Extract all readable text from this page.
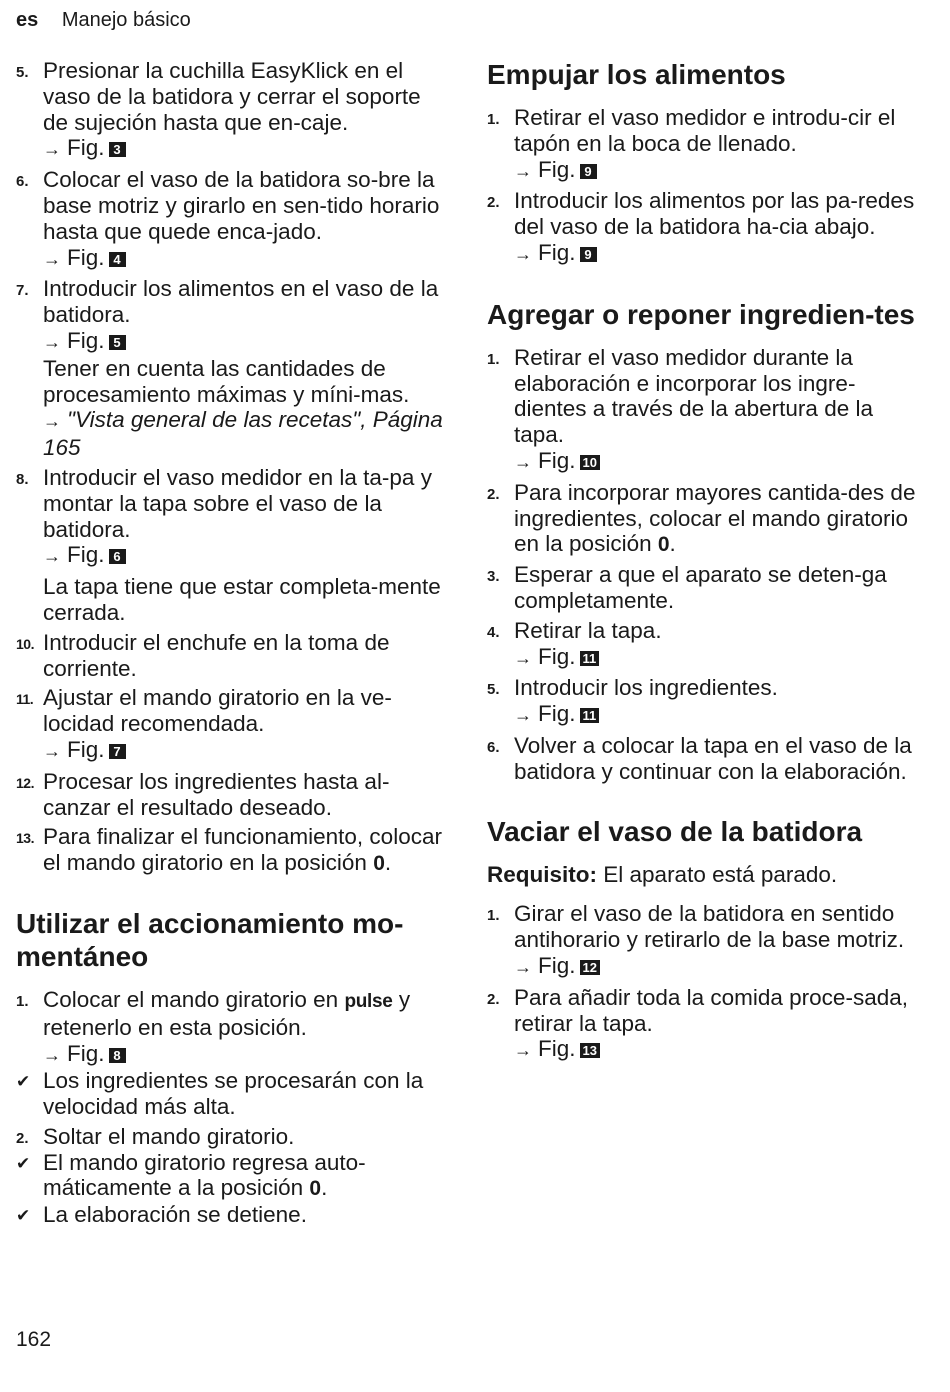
es Manejo básico
5. Presionar la cuchilla EasyKlick en el vaso de la batidora y cerrar el soporte de sujeción hasta que en-caje.
→ Fig. 3
6. Colocar el vaso de la batidora so-bre la base motriz y girarlo en sen-tido horario hasta que quede enca-jado.
→ Fig. 4
7. Introducir los alimentos en el vaso de la batidora.
→ Fig. 5
Tener en cuenta las cantidades de procesamiento máximas y míni-mas.
→ "Vista general de las recetas", Página 165
8. Introducir el vaso medidor en la ta-pa y montar la tapa sobre el vaso de la batidora.
→ Fig. 6
La tapa tiene que estar completa-mente cerrada.
10. Introducir el enchufe en la toma de corriente.
11. Ajustar el mando giratorio en la ve-locidad recomendada.
→ Fig. 7
12. Procesar los ingredientes hasta al-canzar el resultado deseado.
13. Para finalizar el funcionamiento, colocar el mando giratorio en la posición 0.
Utilizar el accionamiento mo-mentáneo
1. Colocar el mando giratorio en pulse y retenerlo en esta posición.
→ Fig. 8
✔ Los ingredientes se procesarán con la velocidad más alta.
2. Soltar el mando giratorio.
✔ El mando giratorio regresa auto-máticamente a la posición 0.
✔ La elaboración se detiene.
Empujar los alimentos
1. Retirar el vaso medidor e introdu-cir el tapón en la boca de llenado.
→ Fig. 9
2. Introducir los alimentos por las pa-redes del vaso de la batidora ha-cia abajo.
→ Fig. 9
Agregar o reponer ingredien-tes
1. Retirar el vaso medidor durante la elaboración e incorporar los ingre-dientes a través de la abertura de la tapa.
→ Fig. 10
2. Para incorporar mayores cantida-des de ingredientes, colocar el mando giratorio en la posición 0.
3. Esperar a que el aparato se deten-ga completamente.
4. Retirar la tapa.
→ Fig. 11
5. Introducir los ingredientes.
→ Fig. 11
6. Volver a colocar la tapa en el vaso de la batidora y continuar con la elaboración.
Vaciar el vaso de la batidora
Requisito: El aparato está parado.
1. Girar el vaso de la batidora en sentido antihorario y retirarlo de la base motriz.
→ Fig. 12
2. Para añadir toda la comida proce-sada, retirar la tapa.
→ Fig. 13
162
